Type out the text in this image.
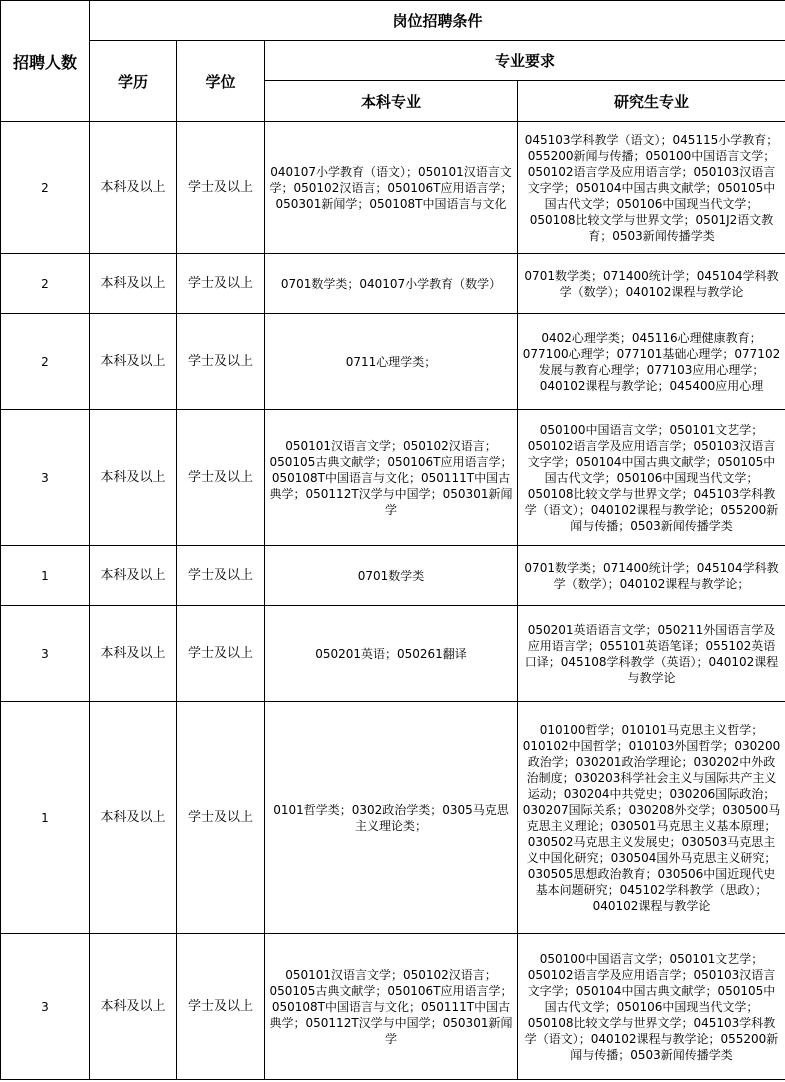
招聘人数	岗位招聘条件			
	学历	学位	专业要求	
			本科专业	研究生专业
2	本科及以上	学士及以上	040107小学教育（语文）；050101汉语言文学；050102汉语言；050106T应用语言学；050301新闻学；050108T中国语言与文化	045103学科教学（语文）；045115小学教育；055200新闻与传播；050100中国语言文学；050102语言学及应用语言学；050103汉语言文字学；050104中国古典文献学；050105中国古代文学；050106中国现当代文学；050108比较文学与世界文学；0501J2语文教育；0503新闻传播学类
2	本科及以上	学士及以上	0701数学类；040107小学教育（数学）	0701数学类；071400统计学；045104学科教学（数学）；040102课程与教学论
2	本科及以上	学士及以上	0711心理学类；	0402心理学类；045116心理健康教育；077100心理学；077101基础心理学；077102发展与教育心理学；077103应用心理学；040102课程与教学论；045400应用心理
3	本科及以上	学士及以上	050101汉语言文学；050102汉语言；050105古典文献学；050106T应用语言学；050108T中国语言与文化；050111T中国古典学；050112T汉学与中国学；050301新闻学	050100中国语言文学；050101文艺学；050102语言学及应用语言学；050103汉语言文字学；050104中国古典文献学；050105中国古代文学；050106中国现当代文学；050108比较文学与世界文学；045103学科教学（语文）；040102课程与教学论；055200新闻与传播；0503新闻传播学类
1	本科及以上	学士及以上	0701数学类	0701数学类；071400统计学；045104学科教学（数学）；040102课程与教学论；
3	本科及以上	学士及以上	050201英语；050261翻译	050201英语语言文学；050211外国语言学及应用语言学；055101英语笔译；055102英语口译；045108学科教学（英语）；040102课程与教学论
1	本科及以上	学士及以上	0101哲学类；0302政治学类；0305马克思主义理论类；	010100哲学；010101马克思主义哲学；010102中国哲学；010103外国哲学；030200政治学；030201政治学理论；030202中外政治制度；030203科学社会主义与国际共产主义运动；030204中共党史；030206国际政治；030207国际关系；030208外交学；030500马克思主义理论；030501马克思主义基本原理；030502马克思主义发展史；030503马克思主义中国化研究；030504国外马克思主义研究；030505思想政治教育；030506中国近现代史基本问题研究；045102学科教学（思政）；040102课程与教学论
3	本科及以上	学士及以上	050101汉语言文学；050102汉语言；050105古典文献学；050106T应用语言学；050108T中国语言与文化；050111T中国古典学；050112T汉学与中国学；050301新闻学	050100中国语言文学；050101文艺学；050102语言学及应用语言学；050103汉语言文字学；050104中国古典文献学；050105中国古代文学；050106中国现当代文学；050108比较文学与世界文学；045103学科教学（语文）；040102课程与教学论；055200新闻与传播；0503新闻传播学类
